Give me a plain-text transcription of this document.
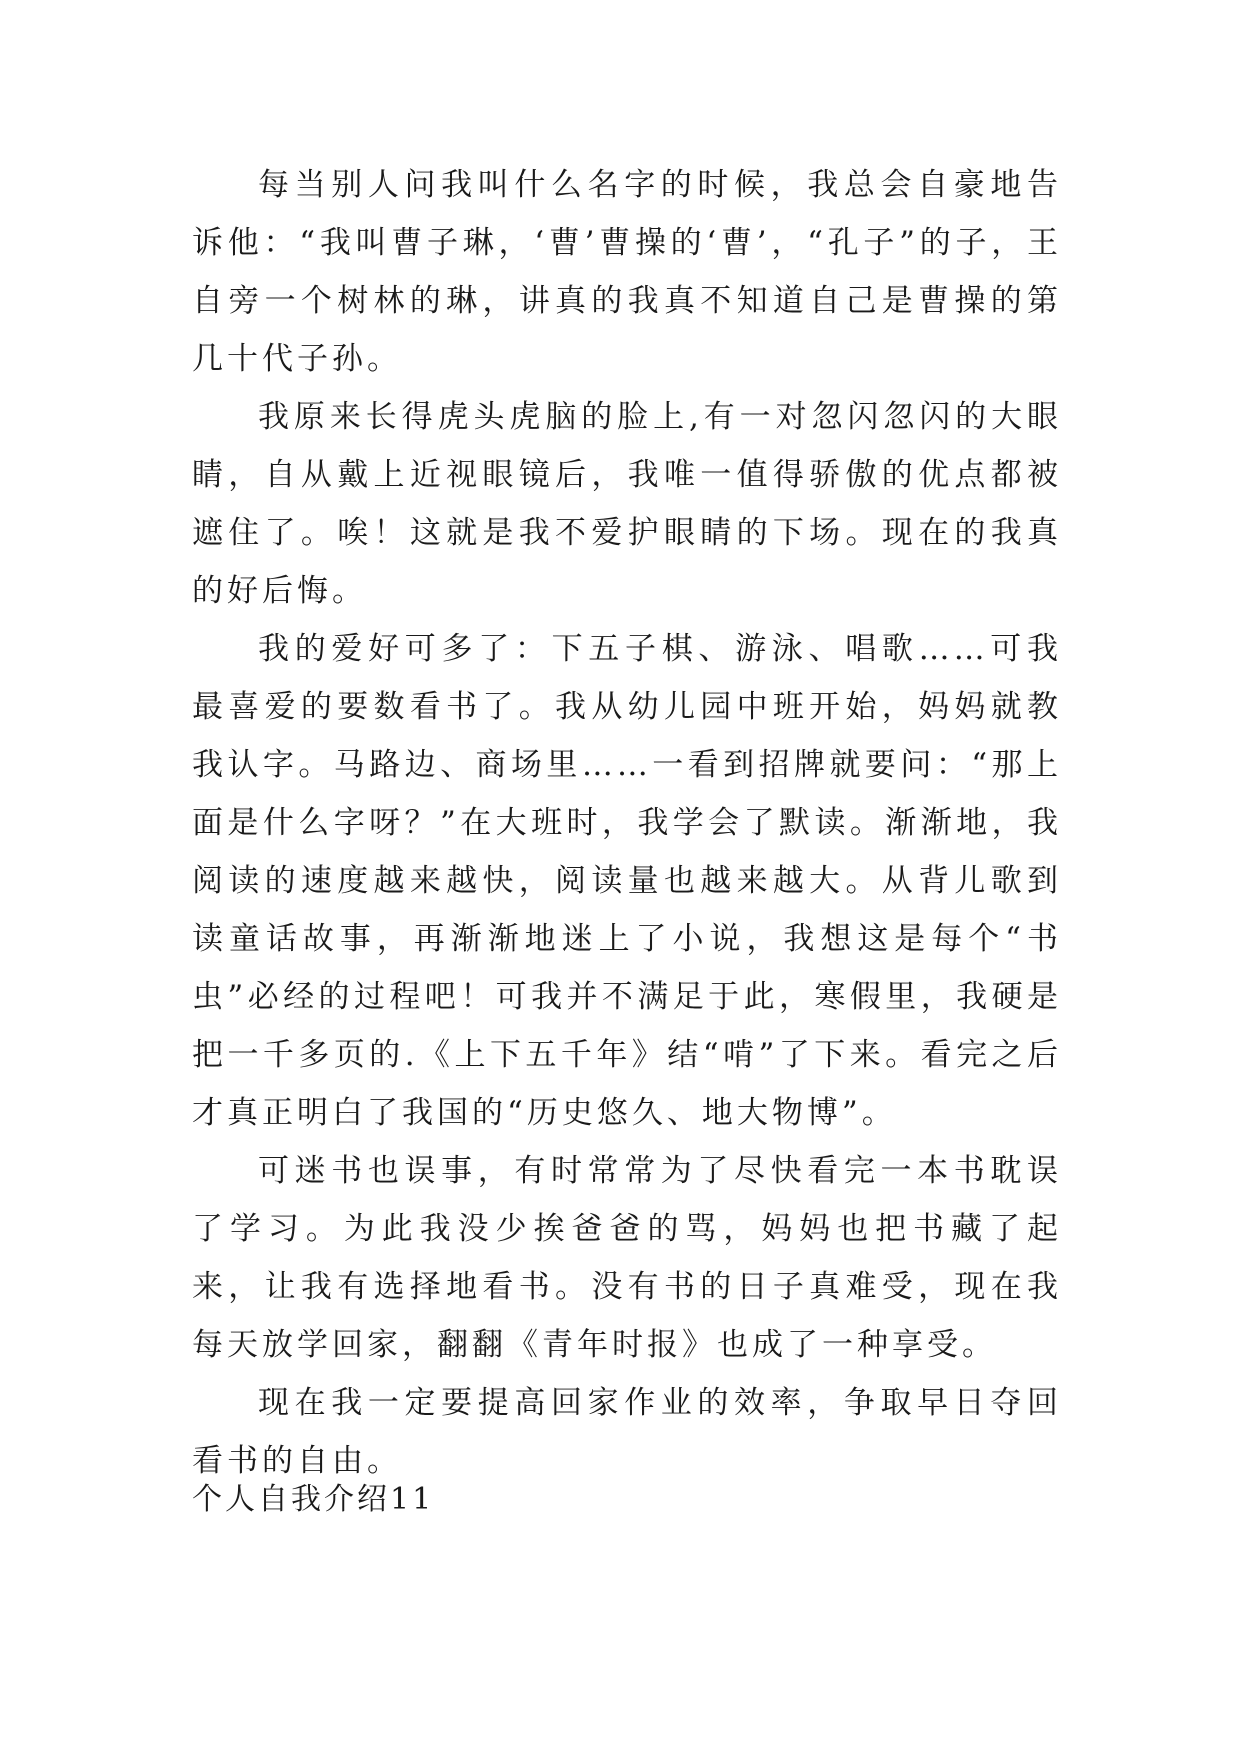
每当别人问我叫什么名字的时候，我总会自豪地告诉他：“我叫曹子琳，‘曹’曹操的‘曹’，“孔子”的子，王自旁一个树林的琳，讲真的我真不知道自己是曹操的第几十代子孙。

我原来长得虎头虎脑的脸上,有一对忽闪忽闪的大眼睛，自从戴上近视眼镜后，我唯一值得骄傲的优点都被遮住了。唉！这就是我不爱护眼睛的下场。现在的我真的好后悔。

我的爱好可多了：下五子棋、游泳、唱歌……可我最喜爱的要数看书了。我从幼儿园中班开始，妈妈就教我认字。马路边、商场里……一看到招牌就要问：“那上面是什么字呀？”在大班时，我学会了默读。渐渐地，我阅读的速度越来越快，阅读量也越来越大。从背儿歌到读童话故事，再渐渐地迷上了小说，我想这是每个“书虫”必经的过程吧！可我并不满足于此，寒假里，我硬是把一千多页的.《上下五千年》结“啃”了下来。看完之后才真正明白了我国的“历史悠久、地大物博”。

可迷书也误事，有时常常为了尽快看完一本书耽误了学习。为此我没少挨爸爸的骂，妈妈也把书藏了起来，让我有选择地看书。没有书的日子真难受，现在我每天放学回家，翻翻《青年时报》也成了一种享受。

现在我一定要提高回家作业的效率，争取早日夺回看书的自由。

个人自我介绍11
